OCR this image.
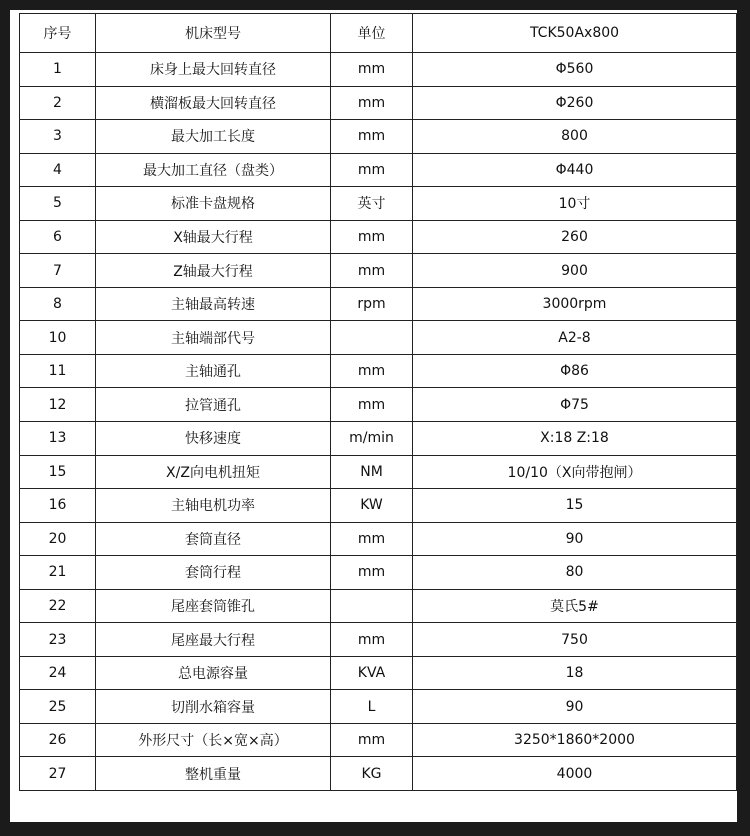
序号	机床型号	单位	TCK50Ax800
1	床身上最大回转直径	mm	Φ560
2	横溜板最大回转直径	mm	Φ260
3	最大加工长度	mm	800
4	最大加工直径（盘类）	mm	Φ440
5	标准卡盘规格	英寸	10寸
6	X轴最大行程	mm	260
7	Z轴最大行程	mm	900
8	主轴最高转速	rpm	3000rpm
10	主轴端部代号		A2-8
11	主轴通孔	mm	Φ86
12	拉管通孔	mm	Φ75
13	快移速度	m/min	X:18 Z:18
15	X/Z向电机扭矩	NM	10/10（X向带抱闸）
16	主轴电机功率	KW	15
20	套筒直径	mm	90
21	套筒行程	mm	80
22	尾座套筒锥孔		莫氏5#
23	尾座最大行程	mm	750
24	总电源容量	KVA	18
25	切削水箱容量	L	90
26	外形尺寸（长×宽×高）	mm	3250*1860*2000
27	整机重量	KG	4000
